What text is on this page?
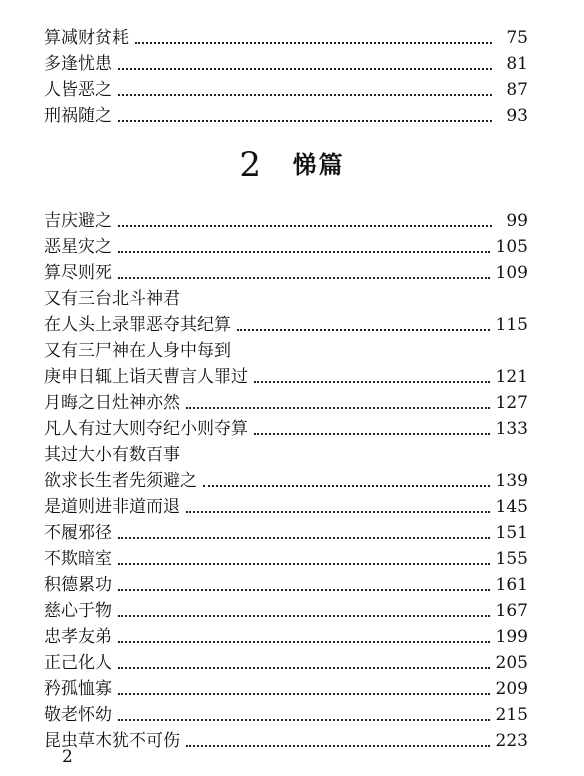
算减财贫耗	75
多逢忧患	81
人皆恶之	87
刑祸随之	93
吉庆避之	99
恶星灾之	105
算尽则死	109
又有三台北斗神君
在人头上录罪恶夺其纪算	115
又有三尸神在人身中每到
庚申日辄上诣天曹言人罪过	121
月晦之日灶神亦然	127
凡人有过大则夺纪小则夺算	133
其过大小有数百事
欲求长生者先须避之	139
是道则进非道而退	145
不履邪径	151
不欺暗室	155
积德累功	161
慈心于物	167
忠孝友弟	199
正己化人	205
矜孤恤寡	209
敬老怀幼	215
昆虫草木犹不可伤	223
2 悌篇
2
